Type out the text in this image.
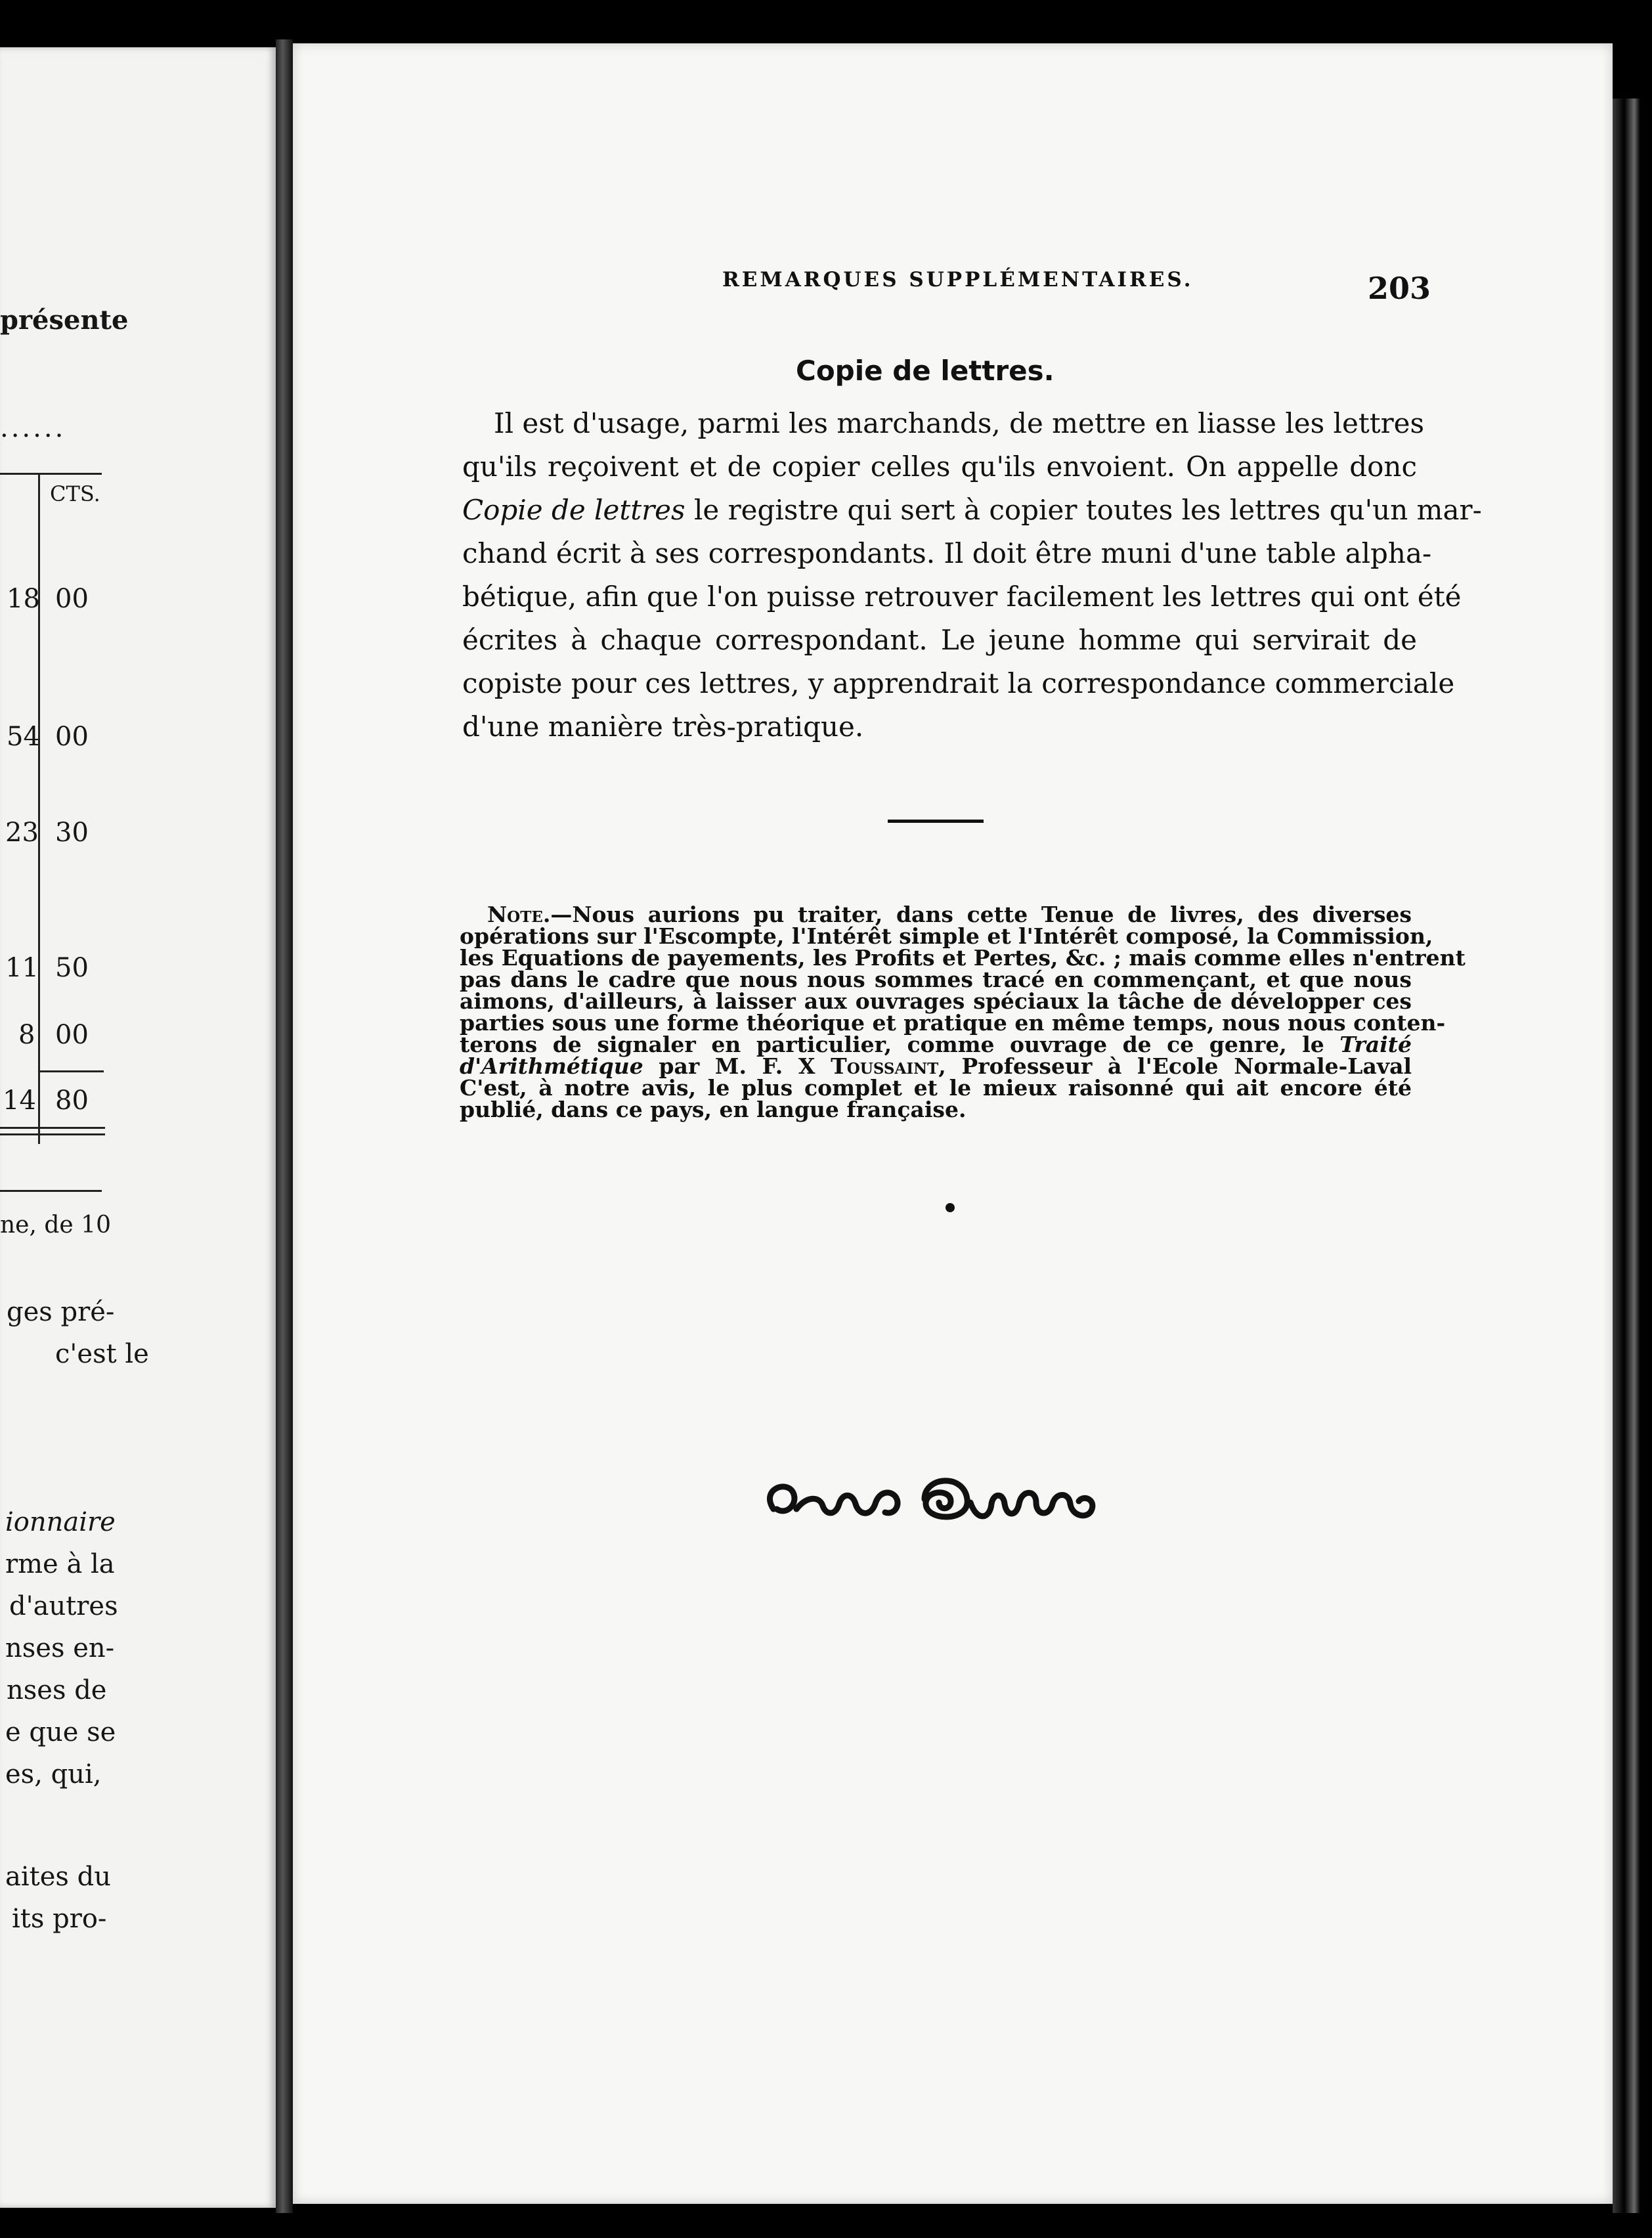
présente
......
CTS.
18 00
54 00
23 30
11 50
8 00
14 80
ne, de 10
ges pré-
c'est le
ionnaire
rme à la
d'autres
nses en-
nses de
e que se
es, qui,
aites du
its pro-
REMARQUES SUPPLÉMENTAIRES.	203
Copie de lettres.
Il est d'usage, parmi les marchands, de mettre en liasse les lettres
qu'ils reçoivent et de copier celles qu'ils envoient. On appelle donc
Copie de lettres le registre qui sert à copier toutes les lettres qu'un mar-
chand écrit à ses correspondants. Il doit être muni d'une table alpha-
bétique, afin que l'on puisse retrouver facilement les lettres qui ont été
écrites à chaque correspondant. Le jeune homme qui servirait de
copiste pour ces lettres, y apprendrait la correspondance commerciale
d'une manière très-pratique.
Note.—Nous aurions pu traiter, dans cette Tenue de livres, des diverses
opérations sur l'Escompte, l'Intérêt simple et l'Intérêt composé, la Commission,
les Equations de payements, les Profits et Pertes, &c. ; mais comme elles n'entrent
pas dans le cadre que nous nous sommes tracé en commençant, et que nous
aimons, d'ailleurs, à laisser aux ouvrages spéciaux la tâche de développer ces
parties sous une forme théorique et pratique en même temps, nous nous conten-
terons de signaler en particulier, comme ouvrage de ce genre, le Traité
d'Arithmétique par M. F. X Toussaint, Professeur à l'Ecole Normale-Laval
C'est, à notre avis, le plus complet et le mieux raisonné qui ait encore été
publié, dans ce pays, en langue française.
